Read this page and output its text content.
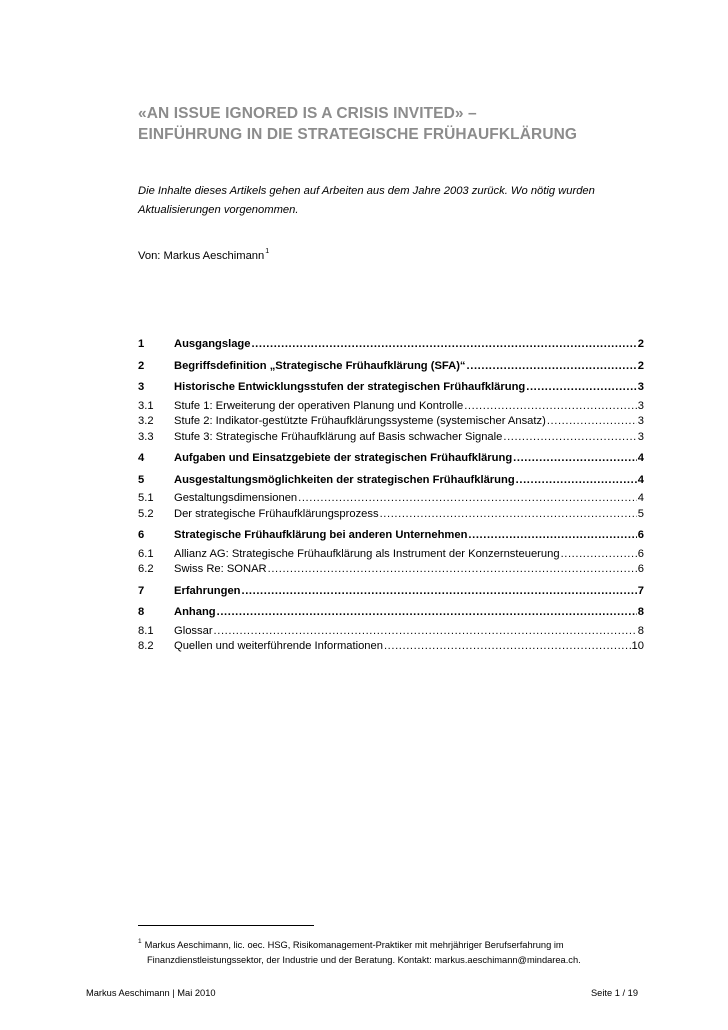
«AN ISSUE IGNORED IS A CRISIS INVITED» –
EINFÜHRUNG IN DIE STRATEGISCHE FRÜHAUFKLÄRUNG
Die Inhalte dieses Artikels gehen auf Arbeiten aus dem Jahre 2003 zurück. Wo nötig wurden
Aktualisierungen vorgenommen.
Von: Markus Aeschimann$^1$
1	Ausgangslage .....	2
2	Begriffsdefinition „Strategische Frühaufklärung (SFA)“ .....	2
3	Historische Entwicklungsstufen der strategischen Frühaufklärung .....	3
3.1	Stufe 1: Erweiterung der operativen Planung und Kontrolle .....	3
3.2	Stufe 2: Indikator-gestützte Frühaufklärungssysteme (systemischer Ansatz) .....	3
3.3	Stufe 3: Strategische Frühaufklärung auf Basis schwacher Signale .....	3
4	Aufgaben und Einsatzgebiete der strategischen Frühaufklärung .....	4
5	Ausgestaltungsmöglichkeiten der strategischen Frühaufklärung .....	4
5.1	Gestaltungsdimensionen .....	4
5.2	Der strategische Frühaufklärungsprozess .....	5
6	Strategische Frühaufklärung bei anderen Unternehmen .....	6
6.1	Allianz AG: Strategische Frühaufklärung als Instrument der Konzernsteuerung .....	6
6.2	Swiss Re: SONAR .....	6
7	Erfahrungen .....	7
8	Anhang .....	8
8.1	Glossar .....	8
8.2	Quellen und weiterführende Informationen .....	10
$^1$ Markus Aeschimann, lic. oec. HSG, Risikomanagement-Praktiker mit mehrjähriger Berufserfahrung im
Finanzdienstleistungssektor, der Industrie und der Beratung. Kontakt: markus.aeschimann@mindarea.ch.
Markus Aeschimann | Mai 2010	Seite 1 / 19
